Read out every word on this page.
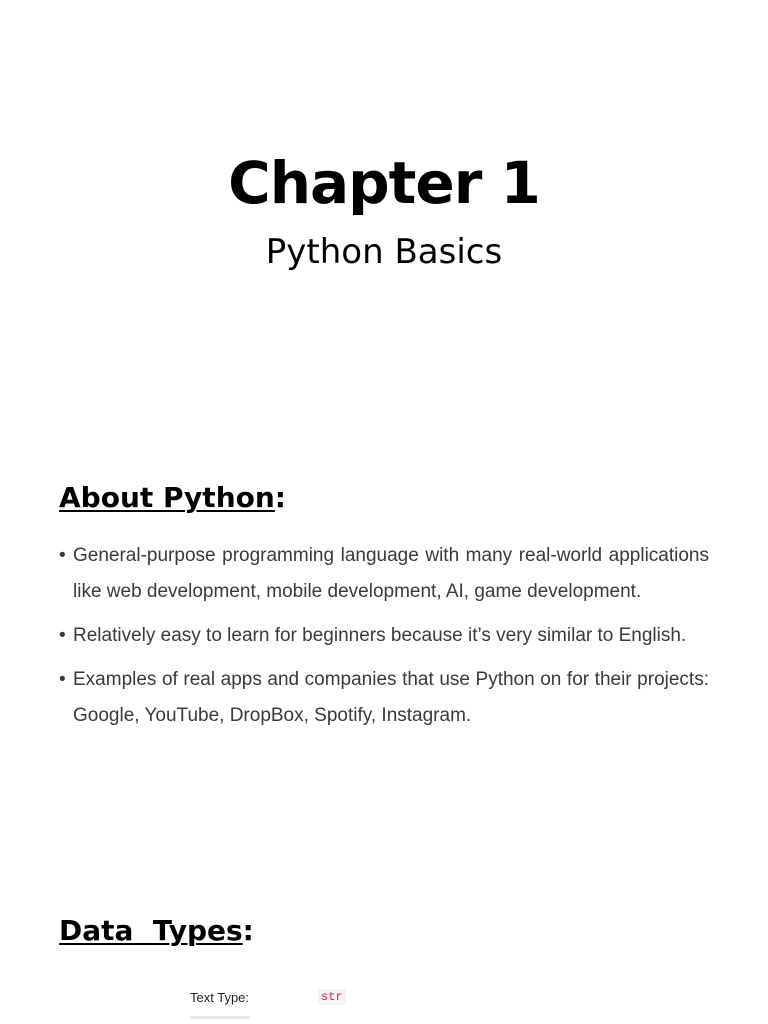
Chapter 1
Python Basics
About Python:
• General-purpose programming language with many real-world applications like web development, mobile development, AI, game development.
• Relatively easy to learn for beginners because it’s very similar to English.
• Examples of real apps and companies that use Python on for their projects: Google, YouTube, DropBox, Spotify, Instagram.
Data  Types:
Text Type:	str
